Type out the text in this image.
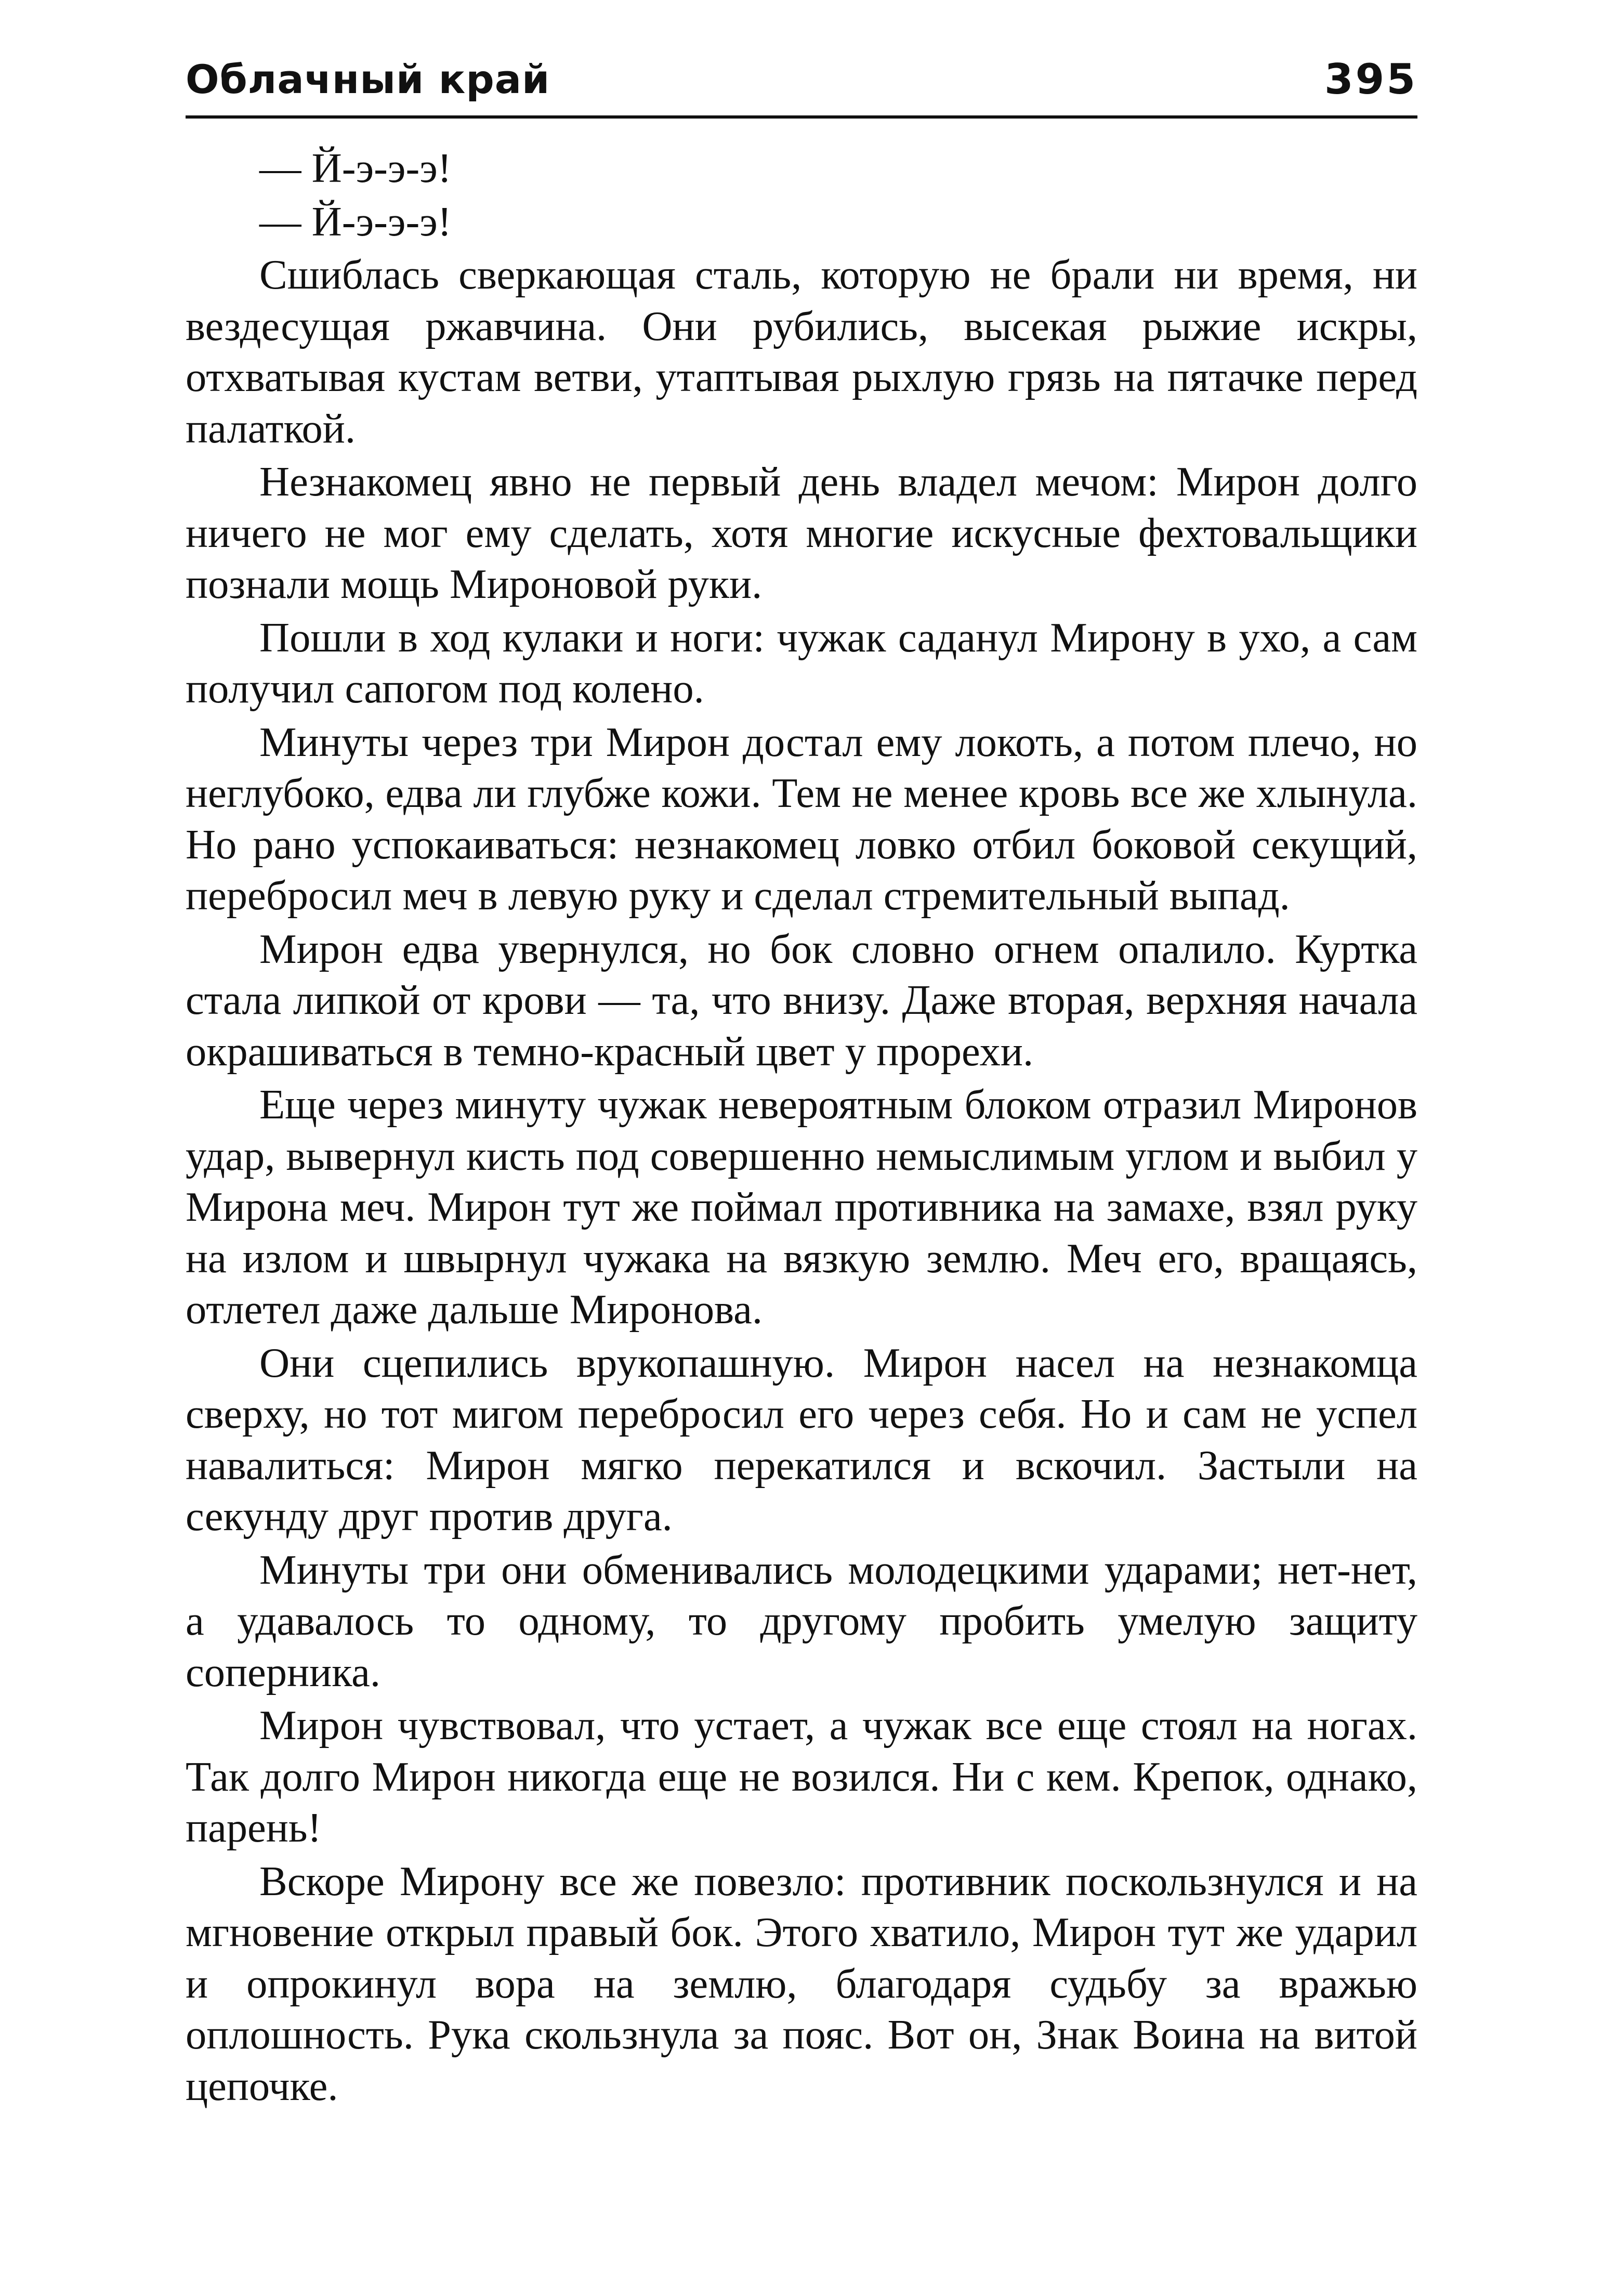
Облачный край	395

— Й-э-э-э!

— Й-э-э-э!

Сшиблась сверкающая сталь, которую не брали ни время, ни вездесущая ржавчина. Они рубились, высекая рыжие искры, отхватывая кустам ветви, утаптывая рыхлую грязь на пятачке перед палаткой.

Незнакомец явно не первый день владел мечом: Мирон долго ничего не мог ему сделать, хотя многие искусные фехтовальщики познали мощь Мироновой руки.

Пошли в ход кулаки и ноги: чужак саданул Мирону в ухо, а сам получил сапогом под колено.

Минуты через три Мирон достал ему локоть, а потом плечо, но неглубоко, едва ли глубже кожи. Тем не менее кровь все же хлынула. Но рано успокаиваться: незнакомец ловко отбил боковой секущий, перебросил меч в левую руку и сделал стремительный выпад.

Мирон едва увернулся, но бок словно огнем опалило. Куртка стала липкой от крови — та, что внизу. Даже вторая, верхняя начала окрашиваться в темно-красный цвет у прорехи.

Еще через минуту чужак невероятным блоком отразил Миронов удар, вывернул кисть под совершенно немыслимым углом и выбил у Мирона меч. Мирон тут же поймал противника на замахе, взял руку на излом и швырнул чужака на вязкую землю. Меч его, вращаясь, отлетел даже дальше Миронова.

Они сцепились врукопашную. Мирон насел на незнакомца сверху, но тот мигом перебросил его через себя. Но и сам не успел навалиться: Мирон мягко перекатился и вскочил. Застыли на секунду друг против друга.

Минуты три они обменивались молодецкими ударами; нет-нет, а удавалось то одному, то другому пробить умелую защиту соперника.

Мирон чувствовал, что устает, а чужак все еще стоял на ногах. Так долго Мирон никогда еще не возился. Ни с кем. Крепок, однако, парень!

Вскоре Мирону все же повезло: противник поскользнулся и на мгновение открыл правый бок. Этого хватило, Мирон тут же ударил и опрокинул вора на землю, благодаря судьбу за вражью оплошность. Рука скользнула за пояс. Вот он, Знак Воина на витой цепочке.
